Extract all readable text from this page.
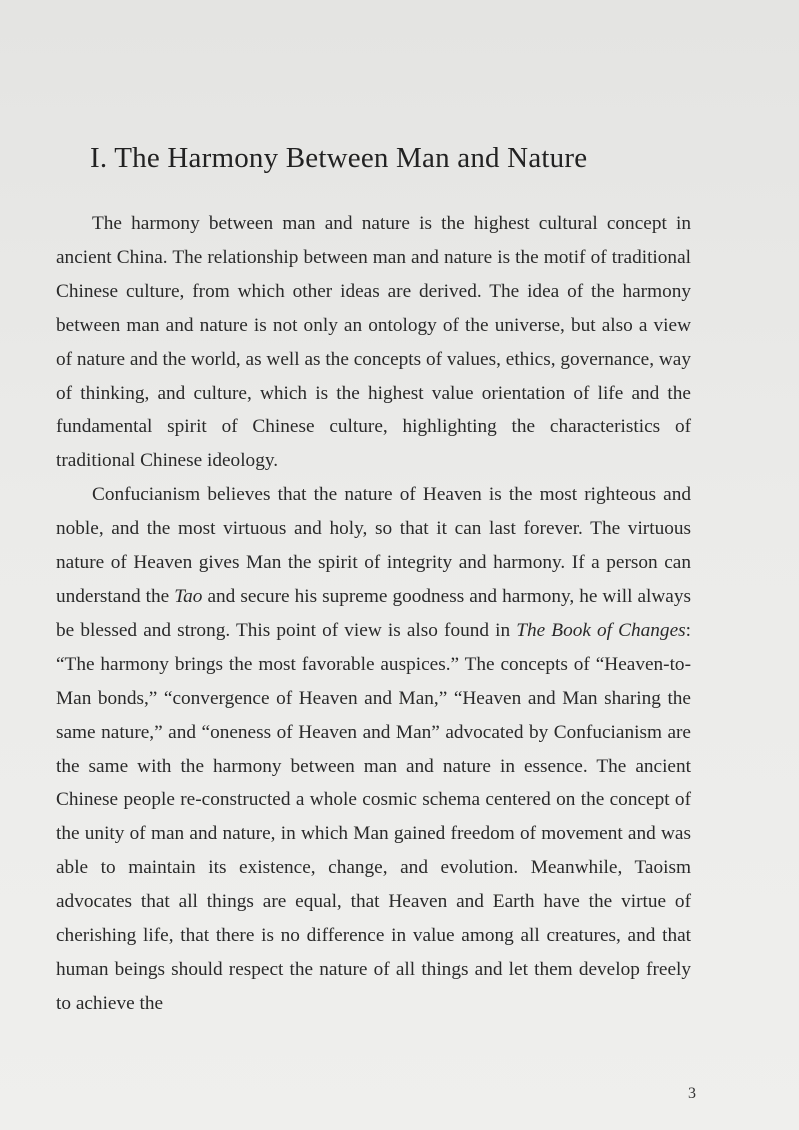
I. The Harmony Between Man and Nature

The harmony between man and nature is the highest cultural concept in ancient China. The relationship between man and nature is the motif of traditional Chinese culture, from which other ideas are derived. The idea of the harmony between man and nature is not only an ontology of the universe, but also a view of nature and the world, as well as the concepts of values, ethics, governance, way of thinking, and culture, which is the highest value orientation of life and the fundamental spirit of Chinese culture, highlighting the characteristics of traditional Chinese ideology.

Confucianism believes that the nature of Heaven is the most righteous and noble, and the most virtuous and holy, so that it can last forever. The virtuous nature of Heaven gives Man the spirit of integrity and harmony. If a person can understand the Tao and secure his supreme goodness and harmony, he will always be blessed and strong. This point of view is also found in The Book of Changes: “The harmony brings the most favorable auspices.” The concepts of “Heaven-to-Man bonds,” “convergence of Heaven and Man,” “Heaven and Man sharing the same nature,” and “oneness of Heaven and Man” advocated by Confucianism are the same with the harmony between man and nature in essence. The ancient Chinese people re-constructed a whole cosmic schema centered on the concept of the unity of man and nature, in which Man gained freedom of movement and was able to maintain its existence, change, and evolution. Meanwhile, Taoism advocates that all things are equal, that Heaven and Earth have the virtue of cherishing life, that there is no difference in value among all creatures, and that human beings should respect the nature of all things and let them develop freely to achieve the

3
